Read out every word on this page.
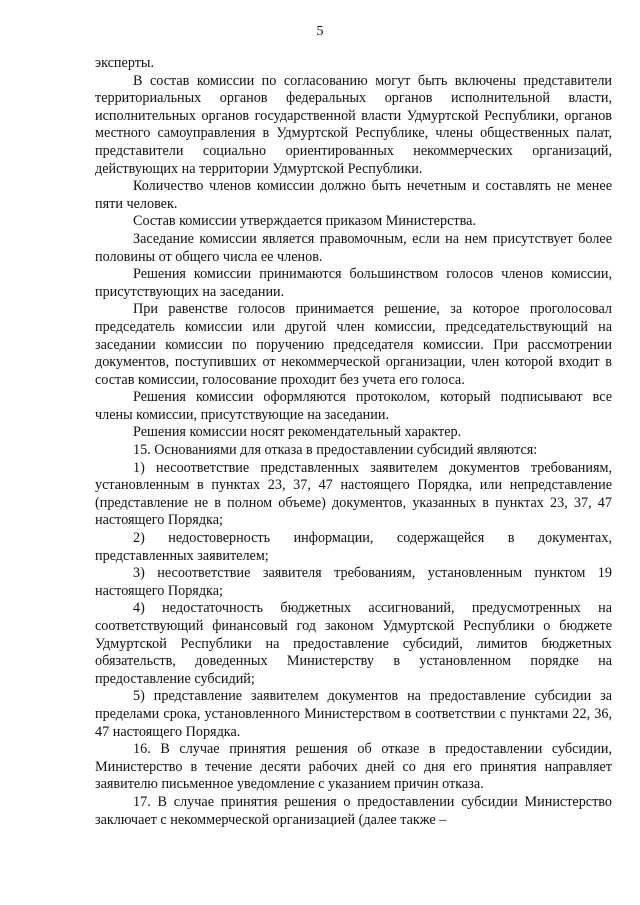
5

эксперты.

В состав комиссии по согласованию могут быть включены представители территориальных органов федеральных органов исполнительной власти, исполнительных органов государственной власти Удмуртской Республики, органов местного самоуправления в Удмуртской Республике, члены общественных палат, представители социально ориентированных некоммерческих организаций, действующих на территории Удмуртской Республики.

Количество членов комиссии должно быть нечетным и составлять не менее пяти человек.

Состав комиссии утверждается приказом Министерства.

Заседание комиссии является правомочным, если на нем присутствует более половины от общего числа ее членов.

Решения комиссии принимаются большинством голосов членов комиссии, присутствующих на заседании.

При равенстве голосов принимается решение, за которое проголосовал председатель комиссии или другой член комиссии, председательствующий на заседании комиссии по поручению председателя комиссии. При рассмотрении документов, поступивших от некоммерческой организации, член которой входит в состав комиссии, голосование проходит без учета его голоса.

Решения комиссии оформляются протоколом, который подписывают все члены комиссии, присутствующие на заседании.

Решения комиссии носят рекомендательный характер.

15. Основаниями для отказа в предоставлении субсидий являются:

1) несоответствие представленных заявителем документов требованиям, установленным в пунктах 23, 37, 47 настоящего Порядка, или непредставление (представление не в полном объеме) документов, указанных в пунктах 23, 37, 47 настоящего Порядка;

2) недостоверность информации, содержащейся в документах, представленных заявителем;

3) несоответствие заявителя требованиям, установленным пунктом 19 настоящего Порядка;

4) недостаточность бюджетных ассигнований, предусмотренных на соответствующий финансовый год законом Удмуртской Республики о бюджете Удмуртской Республики на предоставление субсидий, лимитов бюджетных обязательств, доведенных Министерству в установленном порядке на предоставление субсидий;

5) представление заявителем документов на предоставление субсидии за пределами срока, установленного Министерством в соответствии с пунктами 22, 36, 47 настоящего Порядка.

16. В случае принятия решения об отказе в предоставлении субсидии, Министерство в течение десяти рабочих дней со дня его принятия направляет заявителю письменное уведомление с указанием причин отказа.

17. В случае принятия решения о предоставлении субсидии Министерство заключает с некоммерческой организацией (далее также –
